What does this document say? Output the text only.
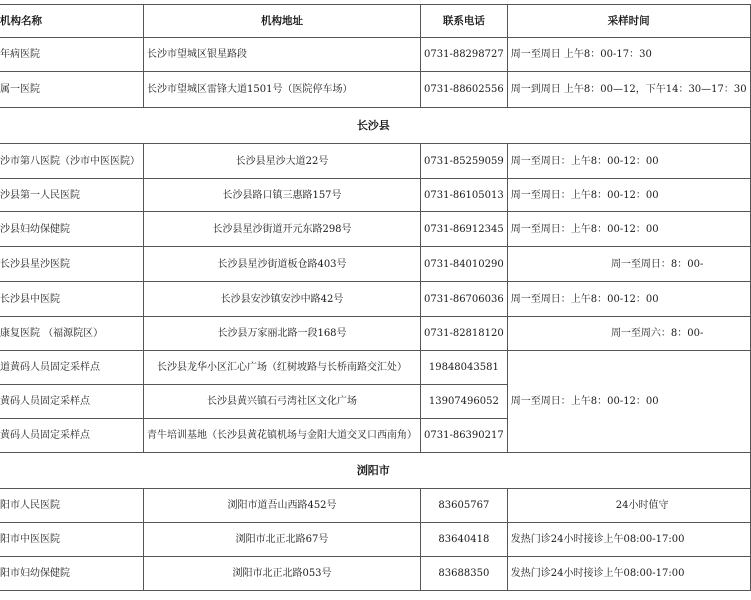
机构名称	机构地址	联系电话	采样时间
年病医院	长沙市望城区银星路段	0731-88298727	周一至周日 上午8：00-17：30
属一医院	长沙市望城区雷锋大道1501号（医院停车场）	0731-88602556	周一到周日 上午8：00—12，下午14：30—17：30
长沙县			
沙市第八医院（沙市中医医院）	长沙县星沙大道22号	0731-85259059	周一至周日：上午8：00-12：00
沙县第一人民医院	长沙县路口镇三惠路157号	0731-86105013	周一至周日：上午8：00-12：00
沙县妇幼保健院	长沙县星沙街道开元东路298号	0731-86912345	周一至周日：上午8：00-12：00
长沙县星沙医院	长沙县星沙街道板仓路403号	0731-84010290	周一至周日：8：00-
长沙县中医院	长沙县安沙镇安沙中路42号	0731-86706036	周一至周日：上午8：00-12：00
康复医院 （福源院区）	长沙县万家丽北路一段168号	0731-82818120	周一至周六：8：00-
道黄码人员固定采样点	长沙县龙华小区汇心广场（红树坡路与长桥南路交汇处）	19848043581	周一至周日：上午8：00-12：00
黄码人员固定采样点	长沙县黄兴镇石弓湾社区文化广场	13907496052	
黄码人员固定采样点	青牛培训基地（长沙县黄花镇机场与金阳大道交叉口西南角）	0731-86390217	
浏阳市			
阳市人民医院	浏阳市道吾山西路452号	83605767	24小时值守
阳市中医医院	浏阳市北正北路67号	83640418	发热门诊24小时接诊上午08:00-17:00
阳市妇幼保健院	浏阳市北正北路053号	83688350	发热门诊24小时接诊上午08:00-17:00
